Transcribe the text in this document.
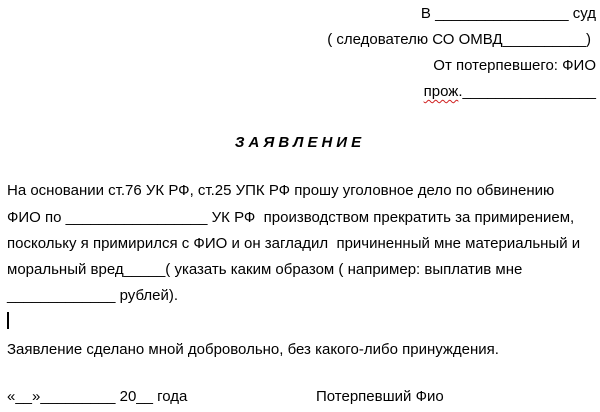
В ________________ суд
( следователю СО ОМВД__________)
От потерпевшего: ФИО
прож.________________
ЗАЯВЛЕНИЕ
На основании ст.76 УК РФ, ст.25 УПК РФ прошу уголовное дело по обвинению
ФИО по _________________ УК РФ  производством прекратить за примирением,
поскольку я примирился с ФИО и он загладил  причиненный мне материальный и
моральный вред_____( указать каким образом ( например: выплатив мне
_____________ рублей).
Заявление сделано мной добровольно, без какого-либо принуждения.
«__»_________ 20__ года	Потерпевший Фио
